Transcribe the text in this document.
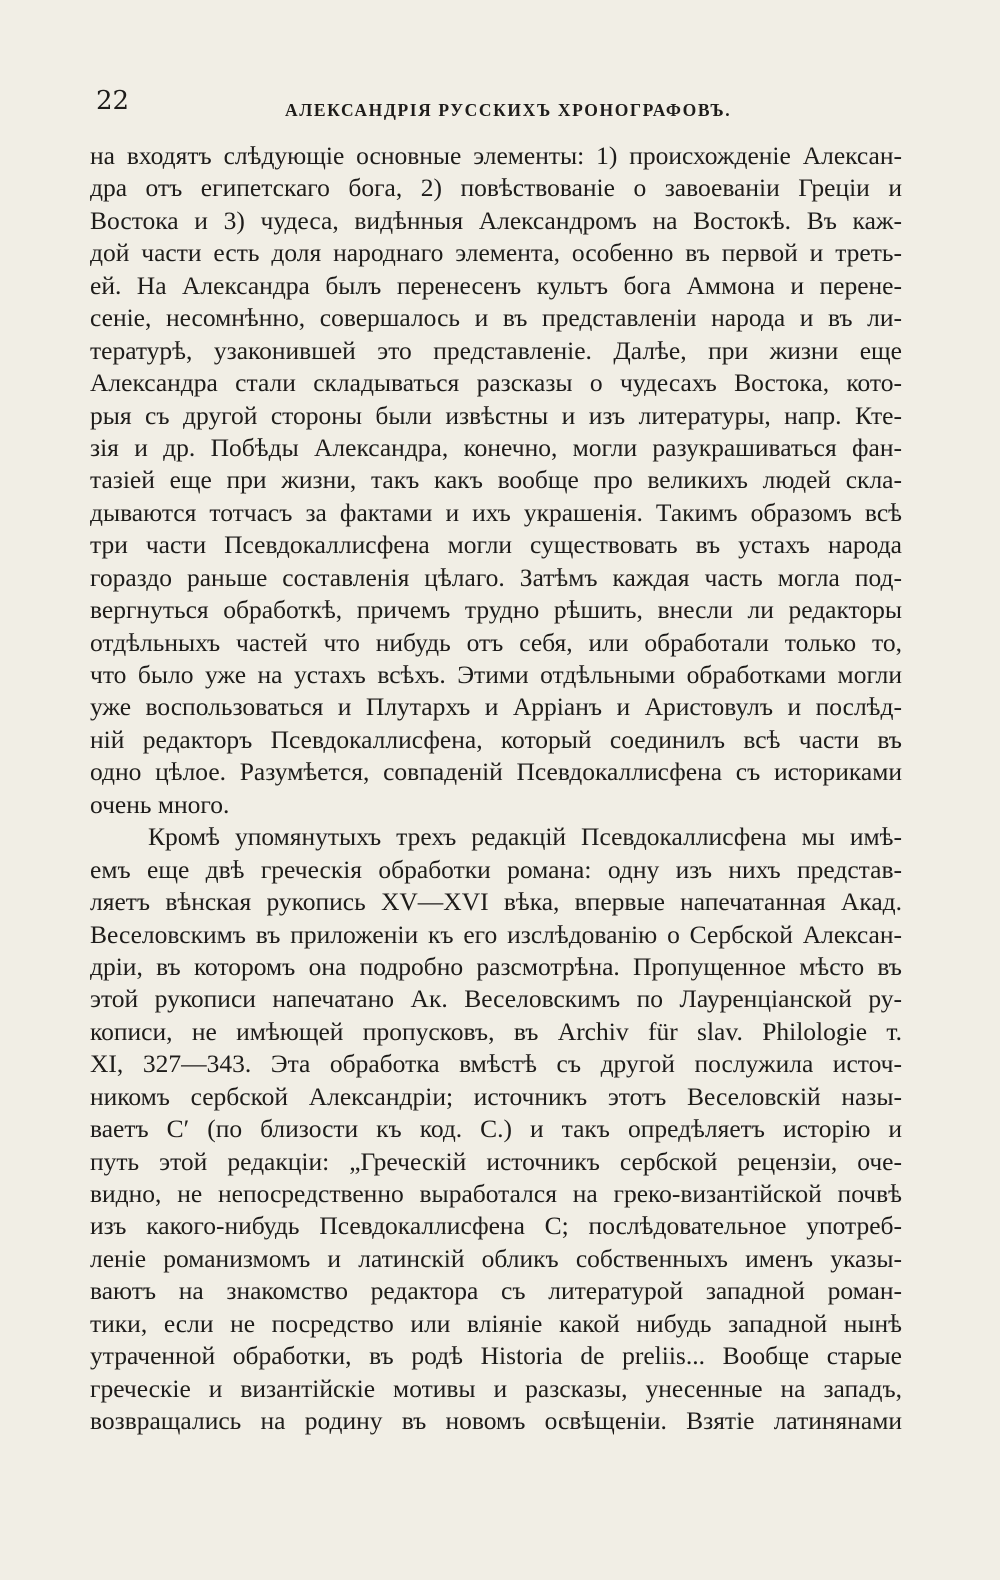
22	АЛЕКСАНДРІЯ РУССКИХЪ ХРОНОГРАФОВЪ.
на входятъ слѣдующіе основные элементы: 1) происхожденіе Алексан-
дра отъ египетскаго бога, 2) повѣствованіе о завоеваніи Греціи и
Востока и 3) чудеса, видѣнныя Александромъ на Востокѣ. Въ каж-
дой части есть доля народнаго элемента, особенно въ первой и треть-
ей. На Александра былъ перенесенъ культъ бога Аммона и перене-
сеніе, несомнѣнно, совершалось и въ представленіи народа и въ ли-
тературѣ, узаконившей это представленіе. Далѣе, при жизни еще
Александра стали складываться разсказы о чудесахъ Востока, кото-
рыя съ другой стороны были извѣстны и изъ литературы, напр. Ктe-
зія и др. Побѣды Александра, конечно, могли разукрашиваться фан-
тазіей еще при жизни, такъ какъ вообще про великихъ людей скла-
дываются тотчасъ за фактами и ихъ украшенія. Такимъ образомъ всѣ
три части Псевдокаллисфена могли существовать въ устахъ народа
гораздо раньше составленія цѣлаго. Затѣмъ каждая часть могла под-
вергнуться обработкѣ, причемъ трудно рѣшить, внесли ли редакторы
отдѣльныхъ частей что нибудь отъ себя, или обработали только то,
что было уже на устахъ всѣхъ. Этими отдѣльными обработками могли
уже воспользоваться и Плутархъ и Арріанъ и Аристовулъ и послѣд-
ній редакторъ Псевдокаллисфена, который соединилъ всѣ части въ
одно цѣлое. Разумѣется, совпаденій Псевдокаллисфена съ историками
очень много.
Кромѣ упомянутыхъ трехъ редакцій Псевдокаллисфена мы имѣ-
емъ еще двѣ греческія обработки романа: одну изъ нихъ представ-
ляетъ вѣнская рукопись XV—XVI вѣка, впервые напечатанная Акад.
Веселовскимъ въ приложеніи къ его изслѣдованію о Сербской Алексан-
дріи, въ которомъ она подробно разсмотрѣна. Пропущенное мѣсто въ
этой рукописи напечатано Ак. Веселовскимъ по Лауренціанской ру-
кописи, не имѣющей пропусковъ, въ Archiv für slav. Philologie т.
XI, 327—343. Эта обработка вмѣстѣ съ другой послужила источ-
никомъ сербской Александріи; источникъ этотъ Веселовскій назы-
ваетъ C′ (по близости къ код. C.) и такъ опредѣляетъ исторію и
путь этой редакціи: „Греческій источникъ сербской рецензіи, оче-
видно, не непосредственно выработался на греко-византійской почвѣ
изъ какого-нибудь Псевдокаллисфена C; послѣдовательное употреб-
леніе романизмомъ и латинскій обликъ собственныхъ именъ указы-
ваютъ на знакомство редактора съ литературой западной роман-
тики, если не посредство или вліяніе какой нибудь западной нынѣ
утраченной обработки, въ родѣ Historia de preliis... Вообще старые
греческіе и византійскіе мотивы и разсказы, унесенные на западъ,
возвращались на родину въ новомъ освѣщеніи. Взятіе латинянами
